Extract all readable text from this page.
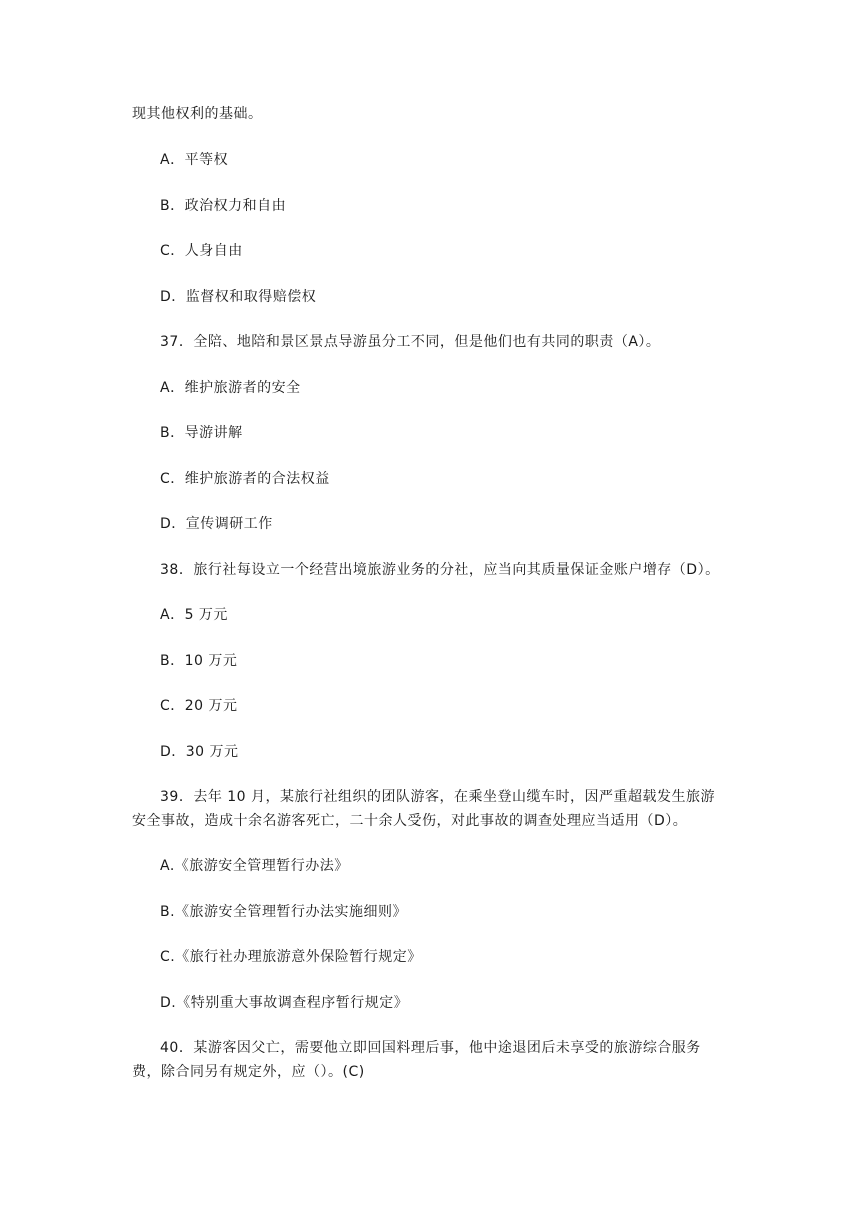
现其他权利的基础。
A．平等权
B．政治权力和自由
C．人身自由
D．监督权和取得赔偿权
37．全陪、地陪和景区景点导游虽分工不同，但是他们也有共同的职责（A）。
A．维护旅游者的安全
B．导游讲解
C．维护旅游者的合法权益
D．宣传调研工作
38．旅行社每设立一个经营出境旅游业务的分社，应当向其质量保证金账户增存（D）。
A．5 万元
B．10 万元
C．20 万元
D．30 万元
39．去年 10 月，某旅行社组织的团队游客，在乘坐登山缆车时，因严重超载发生旅游
安全事故，造成十余名游客死亡，二十余人受伤，对此事故的调查处理应当适用（D）。
A.《旅游安全管理暂行办法》
B.《旅游安全管理暂行办法实施细则》
C.《旅行社办理旅游意外保险暂行规定》
D.《特别重大事故调查程序暂行规定》
40．某游客因父亡，需要他立即回国料理后事，他中途退团后未享受的旅游综合服务
费，除合同另有规定外，应（）。(C)
